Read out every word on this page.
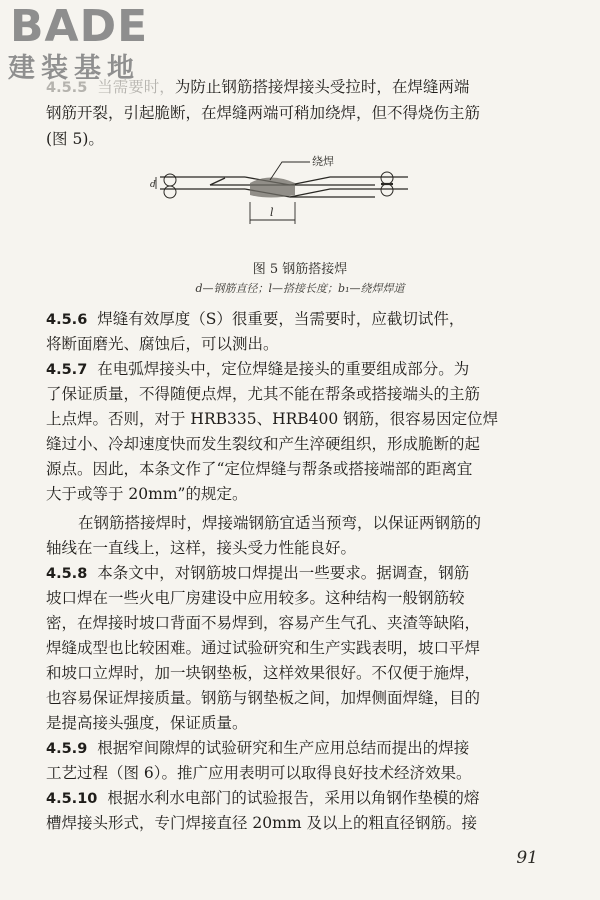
BADE
建装基地
4.5.5 当需要时，为防止钢筋搭接焊接头受拉时，在焊缝两端
钢筋开裂，引起脆断，在焊缝两端可稍加绕焊，但不得烧伤主筋
(图 5)。
绕焊
d
l
图 5 钢筋搭接焊
d—钢筋直径；l—搭接长度；b₁—绕焊焊道
4.5.6 焊缝有效厚度（S）很重要，当需要时，应截切试件，
将断面磨光、腐蚀后，可以测出。
4.5.7 在电弧焊接头中，定位焊缝是接头的重要组成部分。为
了保证质量，不得随便点焊，尤其不能在帮条或搭接端头的主筋
上点焊。否则，对于 HRB335、HRB400 钢筋，很容易因定位焊
缝过小、冷却速度快而发生裂纹和产生淬硬组织，形成脆断的起
源点。因此，本条文作了“定位焊缝与帮条或搭接端部的距离宜
大于或等于 20mm”的规定。
在钢筋搭接焊时，焊接端钢筋宜适当预弯，以保证两钢筋的
轴线在一直线上，这样，接头受力性能良好。
4.5.8 本条文中，对钢筋坡口焊提出一些要求。据调查，钢筋
坡口焊在一些火电厂房建设中应用较多。这种结构一般钢筋较
密，在焊接时坡口背面不易焊到，容易产生气孔、夹渣等缺陷，
焊缝成型也比较困难。通过试验研究和生产实践表明，坡口平焊
和坡口立焊时，加一块钢垫板，这样效果很好。不仅便于施焊，
也容易保证焊接质量。钢筋与钢垫板之间，加焊侧面焊缝，目的
是提高接头强度，保证质量。
4.5.9 根据窄间隙焊的试验研究和生产应用总结而提出的焊接
工艺过程（图 6）。推广应用表明可以取得良好技术经济效果。
4.5.10 根据水利水电部门的试验报告，采用以角钢作垫模的熔
槽焊接头形式，专门焊接直径 20mm 及以上的粗直径钢筋。接
91
